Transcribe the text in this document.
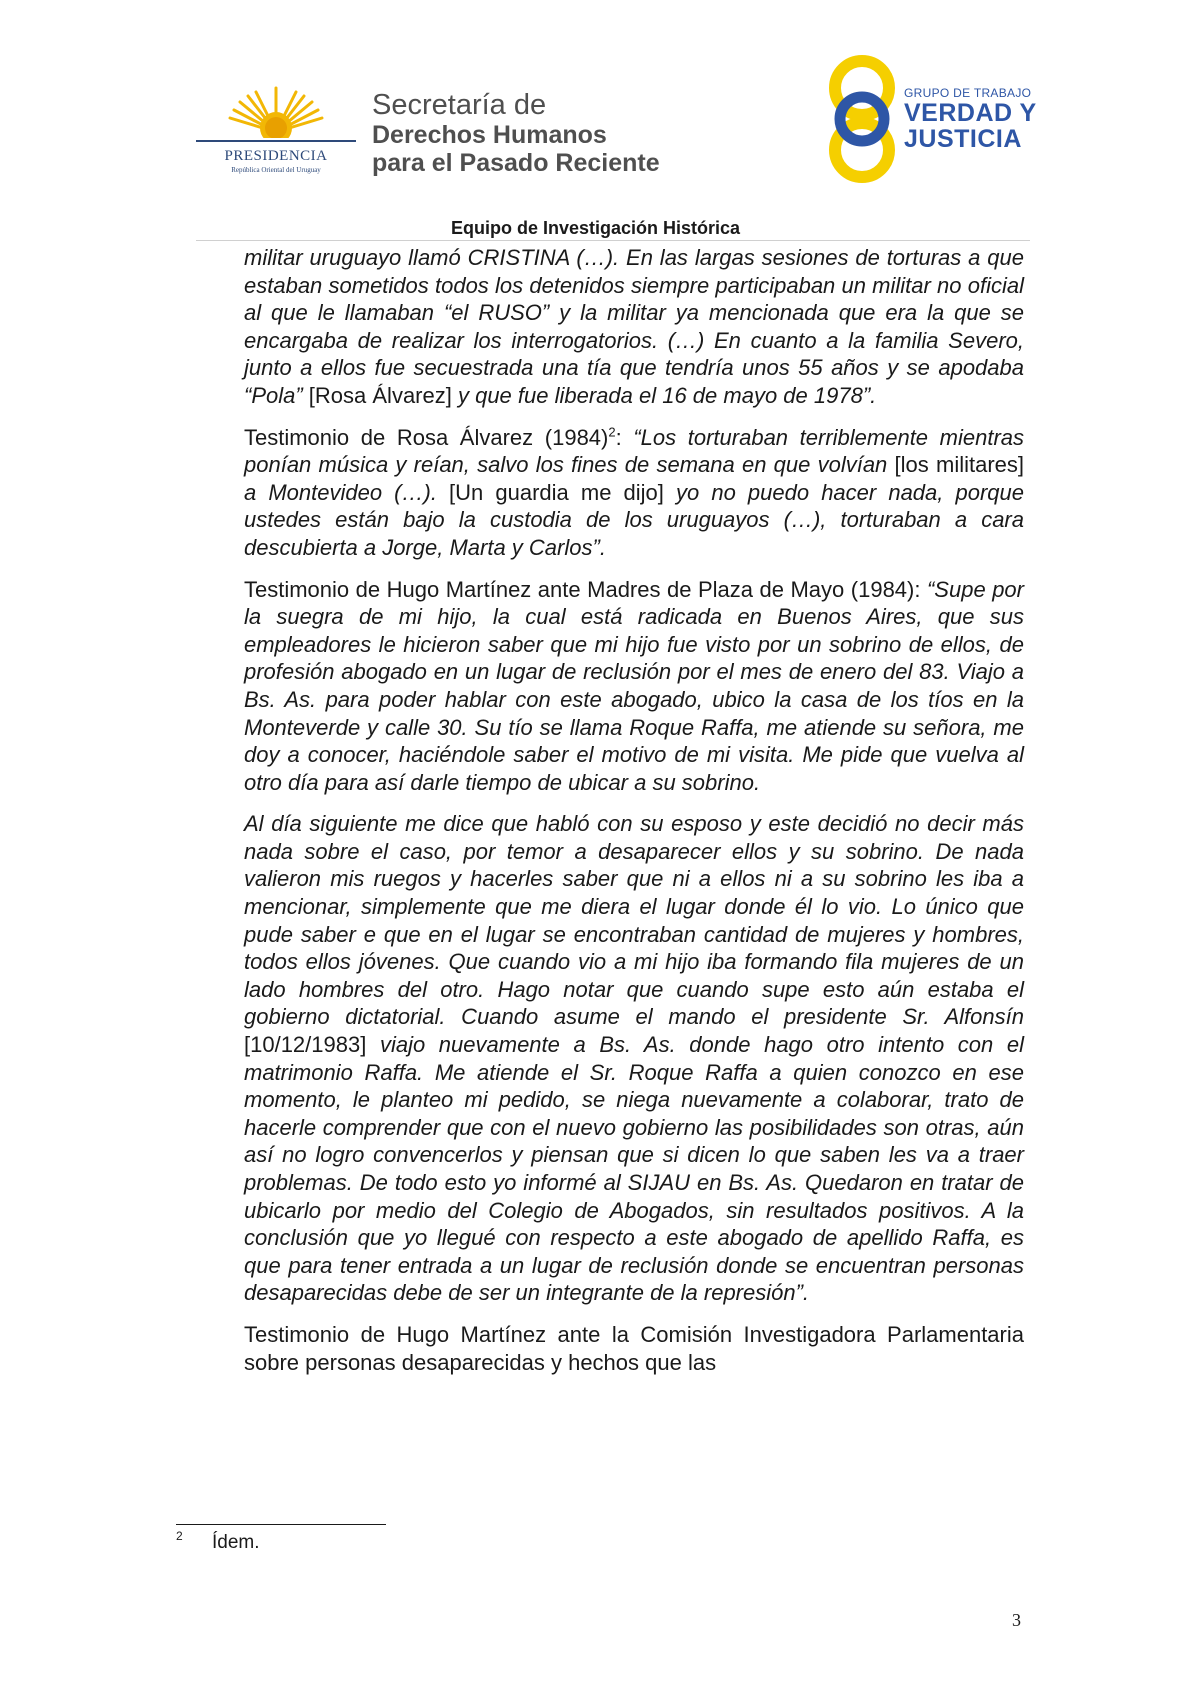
PRESIDENCIA
República Oriental del Uruguay
Secretaría de
Derechos Humanos
para el Pasado Reciente
GRUPO DE TRABAJO
VERDAD Y
JUSTICIA
Equipo de Investigación Histórica

militar uruguayo llamó CRISTINA (…). En las largas sesiones de torturas a que estaban sometidos todos los detenidos siempre participaban un militar no oficial al que le llamaban “el RUSO” y la militar ya mencionada que era la que se encargaba de realizar los interrogatorios. (…) En cuanto a la familia Severo, junto a ellos fue secuestrada una tía que tendría unos 55 años y se apodaba “Pola” [Rosa Álvarez] y que fue liberada el 16 de mayo de 1978”.

Testimonio de Rosa Álvarez $(1984)^2$: “Los torturaban terriblemente mientras ponían música y reían, salvo los fines de semana en que volvían [los militares] a Montevideo (…). [Un guardia me dijo] yo no puedo hacer nada, porque ustedes están bajo la custodia de los uruguayos (…), torturaban a cara descubierta a Jorge, Marta y Carlos”.

Testimonio de Hugo Martínez ante Madres de Plaza de Mayo (1984): “Supe por la suegra de mi hijo, la cual está radicada en Buenos Aires, que sus empleadores le hicieron saber que mi hijo fue visto por un sobrino de ellos, de profesión abogado en un lugar de reclusión por el mes de enero del 83. Viajo a Bs. As. para poder hablar con este abogado, ubico la casa de los tíos en la Monteverde y calle 30. Su tío se llama Roque Raffa, me atiende su señora, me doy a conocer, haciéndole saber el motivo de mi visita. Me pide que vuelva al otro día para así darle tiempo de ubicar a su sobrino.

Al día siguiente me dice que habló con su esposo y este decidió no decir más nada sobre el caso, por temor a desaparecer ellos y su sobrino. De nada valieron mis ruegos y hacerles saber que ni a ellos ni a su sobrino les iba a mencionar, simplemente que me diera el lugar donde él lo vio. Lo único que pude saber e que en el lugar se encontraban cantidad de mujeres y hombres, todos ellos jóvenes. Que cuando vio a mi hijo iba formando fila mujeres de un lado hombres del otro. Hago notar que cuando supe esto aún estaba el gobierno dictatorial. Cuando asume el mando el presidente Sr. Alfonsín [10/12/1983] viajo nuevamente a Bs. As. donde hago otro intento con el matrimonio Raffa. Me atiende el Sr. Roque Raffa a quien conozco en ese momento, le planteo mi pedido, se niega nuevamente a colaborar, trato de hacerle comprender que con el nuevo gobierno las posibilidades son otras, aún así no logro convencerlos y piensan que si dicen lo que saben les va a traer problemas. De todo esto yo informé al SIJAU en Bs. As. Quedaron en tratar de ubicarlo por medio del Colegio de Abogados, sin resultados positivos. A la conclusión que yo llegué con respecto a este abogado de apellido Raffa, es que para tener entrada a un lugar de reclusión donde se encuentran personas desaparecidas debe de ser un integrante de la represión”.

Testimonio de Hugo Martínez ante la Comisión Investigadora Parlamentaria sobre personas desaparecidas y hechos que las

2 Ídem.
3
